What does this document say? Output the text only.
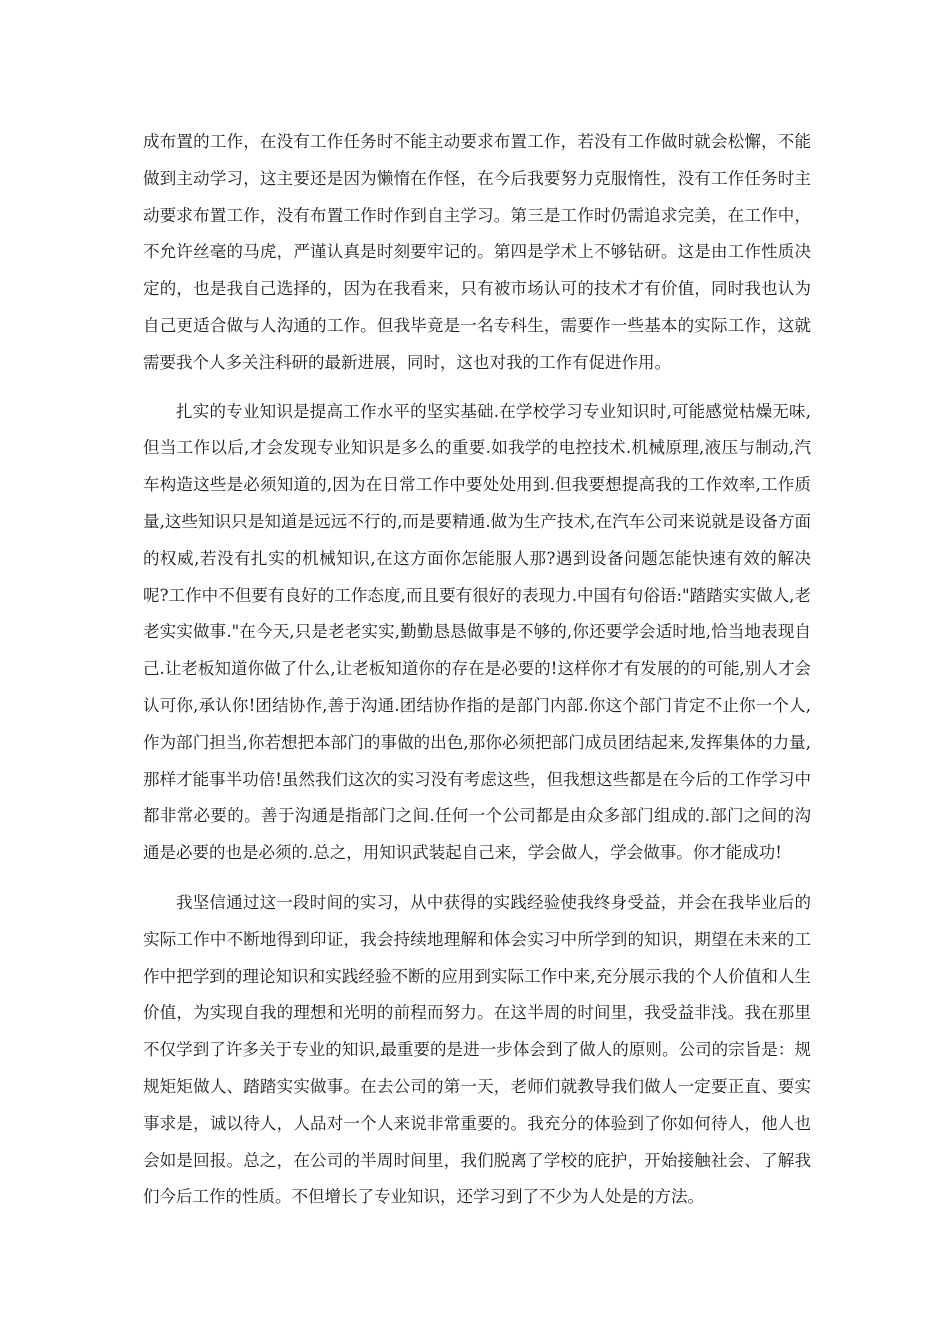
成布置的工作，在没有工作任务时不能主动要求布置工作，若没有工作做时就会松懈，不能做到主动学习，这主要还是因为懒惰在作怪，在今后我要努力克服惰性，没有工作任务时主动要求布置工作，没有布置工作时作到自主学习。第三是工作时仍需追求完美，在工作中，不允许丝毫的马虎，严谨认真是时刻要牢记的。第四是学术上不够钻研。这是由工作性质决定的，也是我自己选择的，因为在我看来，只有被市场认可的技术才有价值，同时我也认为自己更适合做与人沟通的工作。但我毕竟是一名专科生，需要作一些基本的实际工作，这就需要我个人多关注科研的最新进展，同时，这也对我的工作有促进作用。

扎实的专业知识是提高工作水平的坚实基础.在学校学习专业知识时,可能感觉枯燥无味,但当工作以后,才会发现专业知识是多么的重要.如我学的电控技术.机械原理,液压与制动,汽车构造这些是必须知道的,因为在日常工作中要处处用到.但我要想提高我的工作效率,工作质量,这些知识只是知道是远远不行的,而是要精通.做为生产技术,在汽车公司来说就是设备方面的权威,若没有扎实的机械知识,在这方面你怎能服人那?遇到设备问题怎能快速有效的解决呢?工作中不但要有良好的工作态度,而且要有很好的表现力.中国有句俗语:"踏踏实实做人,老老实实做事."在今天,只是老老实实,勤勤恳恳做事是不够的,你还要学会适时地,恰当地表现自己.让老板知道你做了什么,让老板知道你的存在是必要的!这样你才有发展的的可能,别人才会认可你,承认你!团结协作,善于沟通.团结协作指的是部门内部.你这个部门肯定不止你一个人,作为部门担当,你若想把本部门的事做的出色,那你必须把部门成员团结起来,发挥集体的力量,那样才能事半功倍!虽然我们这次的实习没有考虑这些，但我想这些都是在今后的工作学习中都非常必要的。善于沟通是指部门之间.任何一个公司都是由众多部门组成的.部门之间的沟通是必要的也是必须的.总之，用知识武装起自己来，学会做人，学会做事。你才能成功!

我坚信通过这一段时间的实习，从中获得的实践经验使我终身受益，并会在我毕业后的实际工作中不断地得到印证，我会持续地理解和体会实习中所学到的知识，期望在未来的工作中把学到的理论知识和实践经验不断的应用到实际工作中来,充分展示我的个人价值和人生价值，为实现自我的理想和光明的前程而努力。在这半周的时间里，我受益非浅。我在那里不仅学到了许多关于专业的知识,最重要的是进一步体会到了做人的原则。公司的宗旨是：规规矩矩做人、踏踏实实做事。在去公司的第一天，老师们就教导我们做人一定要正直、要实事求是，诚以待人，人品对一个人来说非常重要的。我充分的体验到了你如何待人，他人也会如是回报。总之，在公司的半周时间里，我们脱离了学校的庇护，开始接触社会、了解我们今后工作的性质。不但增长了专业知识，还学习到了不少为人处是的方法。
